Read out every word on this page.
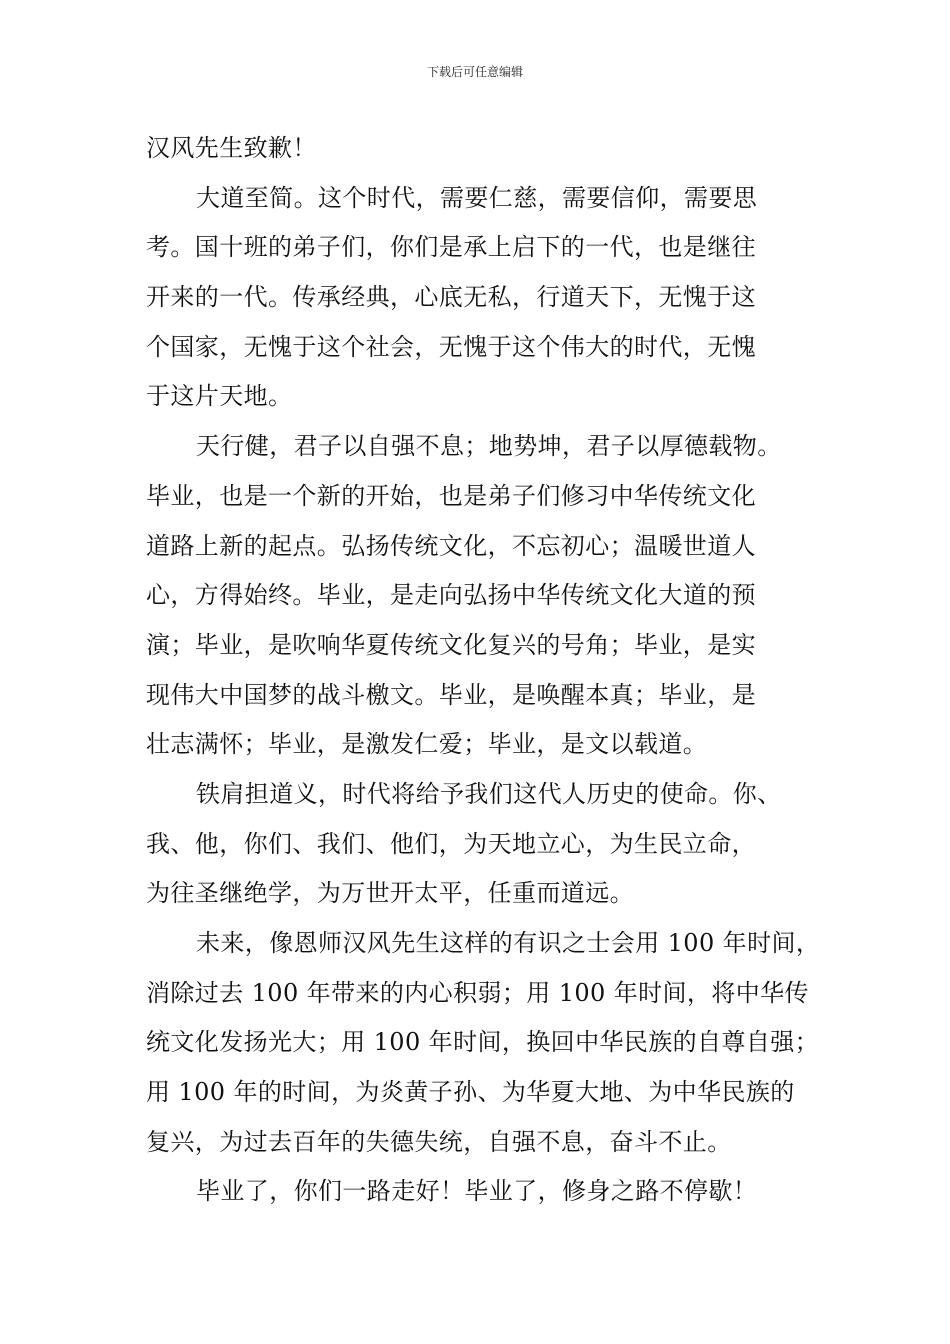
下载后可任意编辑
汉风先生致歉！
大道至简。这个时代，需要仁慈，需要信仰，需要思
考。国十班的弟子们，你们是承上启下的一代，也是继往
开来的一代。传承经典，心底无私，行道天下，无愧于这
个国家，无愧于这个社会，无愧于这个伟大的时代，无愧
于这片天地。
天行健，君子以自强不息；地势坤，君子以厚德载物。
毕业，也是一个新的开始，也是弟子们修习中华传统文化
道路上新的起点。弘扬传统文化，不忘初心；温暖世道人
心，方得始终。毕业，是走向弘扬中华传统文化大道的预
演；毕业，是吹响华夏传统文化复兴的号角；毕业，是实
现伟大中国梦的战斗檄文。毕业，是唤醒本真；毕业，是
壮志满怀；毕业，是激发仁爱；毕业，是文以载道。
铁肩担道义，时代将给予我们这代人历史的使命。你、
我、他，你们、我们、他们，为天地立心，为生民立命，
为往圣继绝学，为万世开太平，任重而道远。
未来，像恩师汉风先生这样的有识之士会用 100 年时间，
消除过去 100 年带来的内心积弱；用 100 年时间，将中华传
统文化发扬光大；用 100 年时间，换回中华民族的自尊自强；
用 100 年的时间，为炎黄子孙、为华夏大地、为中华民族的
复兴，为过去百年的失德失统，自强不息，奋斗不止。
毕业了，你们一路走好！毕业了，修身之路不停歇！
